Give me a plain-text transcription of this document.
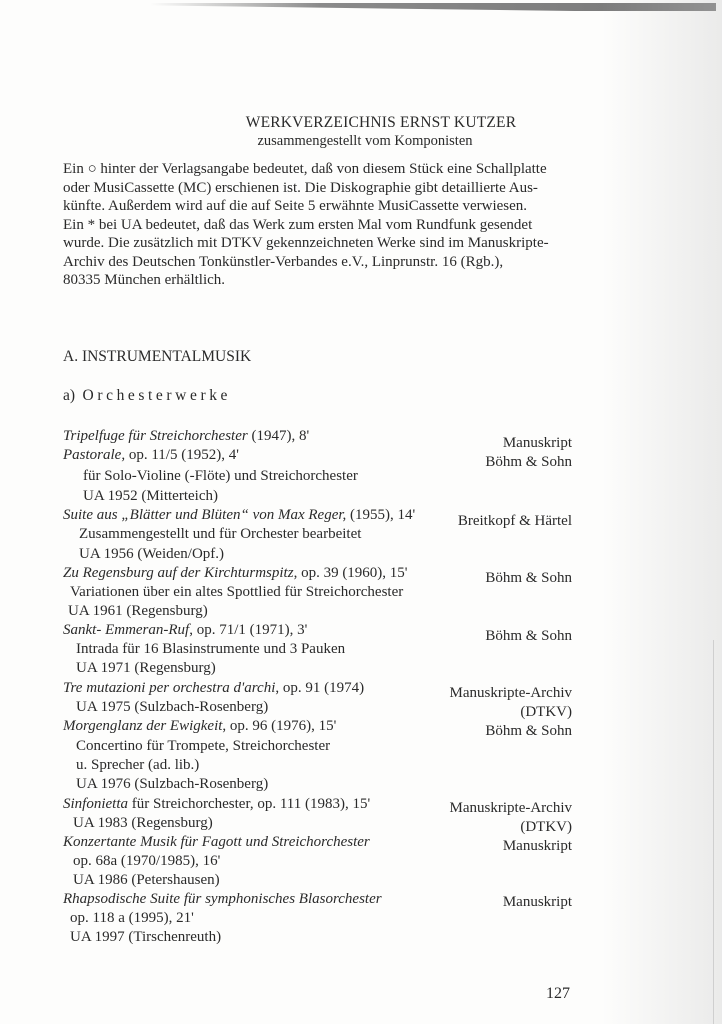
WERKVERZEICHNIS ERNST KUTZER
zusammengestellt vom Komponisten

Ein ○ hinter der Verlagsangabe bedeutet, daß von diesem Stück eine Schallplatte

oder MusiCassette (MC) erschienen ist. Die Diskographie gibt detaillierte Aus-

künfte. Außerdem wird auf die auf Seite 5 erwähnte MusiCassette verwiesen.

Ein * bei UA bedeutet, daß das Werk zum ersten Mal vom Rundfunk gesendet

wurde. Die zusätzlich mit DTKV gekennzeichneten Werke sind im Manuskripte-

Archiv des Deutschen Tonkünstler-Verbandes e.V., Linprunstr. 16 (Rgb.),

80335 München erhältlich.

A. INSTRUMENTALMUSIK
a) Orchesterwerke
Tripelfuge für Streichorchester (1947), 8'	Manuskript
Pastorale, op. 11/5 (1952), 4'
für Solo-Violine (-Flöte) und Streichorchester
UA 1952 (Mitterteich)
Böhm & Sohn
Suite aus „Blätter und Blüten“ von Max Reger, (1955), 14'
Zusammengestellt und für Orchester bearbeitet
UA 1956 (Weiden/Opf.)
Breitkopf & Härtel
Zu Regensburg auf der Kirchturmspitz, op. 39 (1960), 15'
Variationen über ein altes Spottlied für Streichorchester
UA 1961 (Regensburg)
Böhm & Sohn
Sankt- Emmeran-Ruf, op. 71/1 (1971), 3'
Intrada für 16 Blasinstrumente und 3 Pauken
UA 1971 (Regensburg)
Böhm & Sohn
Tre mutazioni per orchestra d'archi, op. 91 (1974)
UA 1975 (Sulzbach-Rosenberg)
Manuskripte-Archiv
(DTKV)
Böhm & Sohn
Morgenglanz der Ewigkeit, op. 96 (1976), 15'
Concertino für Trompete, Streichorchester
u. Sprecher (ad. lib.)
UA 1976 (Sulzbach-Rosenberg)
Sinfonietta für Streichorchester, op. 111 (1983), 15'
UA 1983 (Regensburg)
Manuskripte-Archiv
(DTKV)
Manuskript
Konzertante Musik für Fagott und Streichorchester
op. 68a (1970/1985), 16'
UA 1986 (Petershausen)
Rhapsodische Suite für symphonisches Blasorchester
op. 118 a (1995), 21'
UA 1997 (Tirschenreuth)
Manuskript
127
